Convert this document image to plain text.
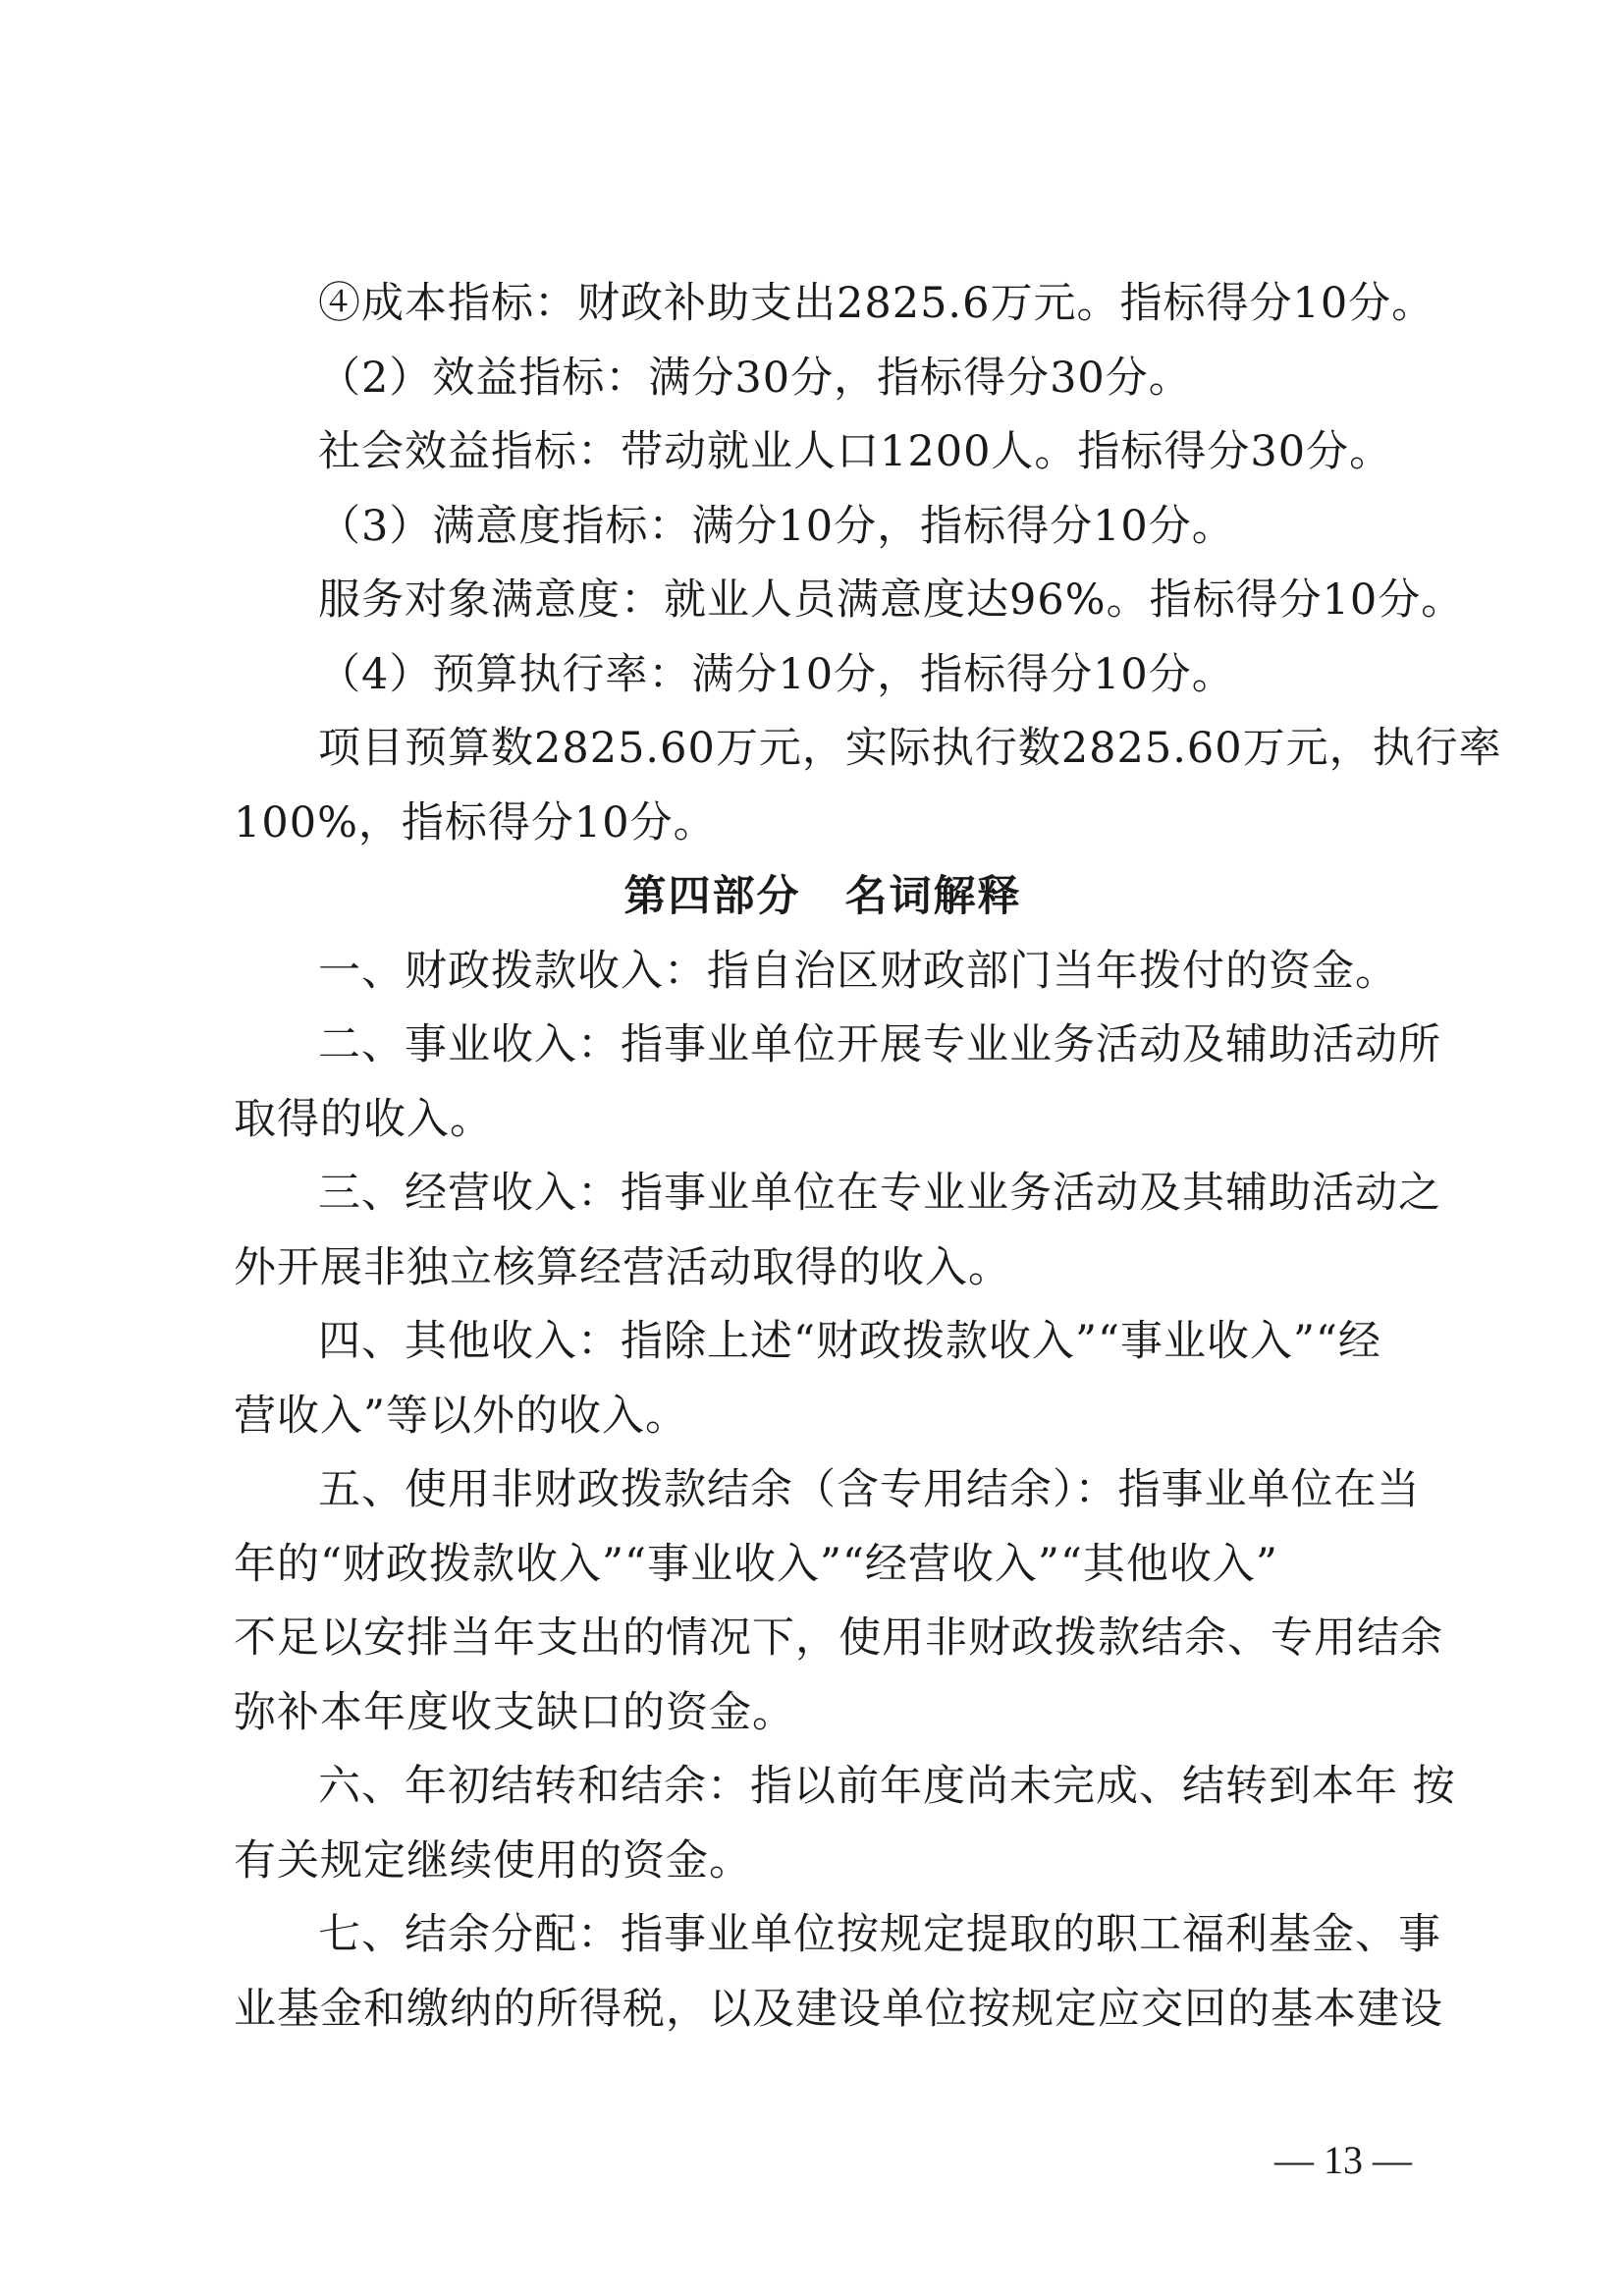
④成本指标：财政补助支出2825.6万元。指标得分10分。
（2）效益指标：满分30分，指标得分30分。
社会效益指标：带动就业人口1200人。指标得分30分。
（3）满意度指标：满分10分，指标得分10分。
服务对象满意度：就业人员满意度达96%。指标得分10分。
（4）预算执行率：满分10分，指标得分10分。
项目预算数2825.60万元，实际执行数2825.60万元，执行率
100%，指标得分10分。
第四部分　名词解释
一、财政拨款收入：指自治区财政部门当年拨付的资金。
二、事业收入：指事业单位开展专业业务活动及辅助活动所
取得的收入。
三、经营收入：指事业单位在专业业务活动及其辅助活动之
外开展非独立核算经营活动取得的收入。
四、其他收入：指除上述“财政拨款收入”“事业收入”“经
营收入”等以外的收入。
五、使用非财政拨款结余（含专用结余）：指事业单位在当
年的“财政拨款收入”“事业收入”“经营收入”“其他收入”
不足以安排当年支出的情况下，使用非财政拨款结余、专用结余
弥补本年度收支缺口的资金。
六、年初结转和结余：指以前年度尚未完成、结转到本年 按
有关规定继续使用的资金。
七、结余分配：指事业单位按规定提取的职工福利基金、事
业基金和缴纳的所得税，以及建设单位按规定应交回的基本建设
— 13 —
